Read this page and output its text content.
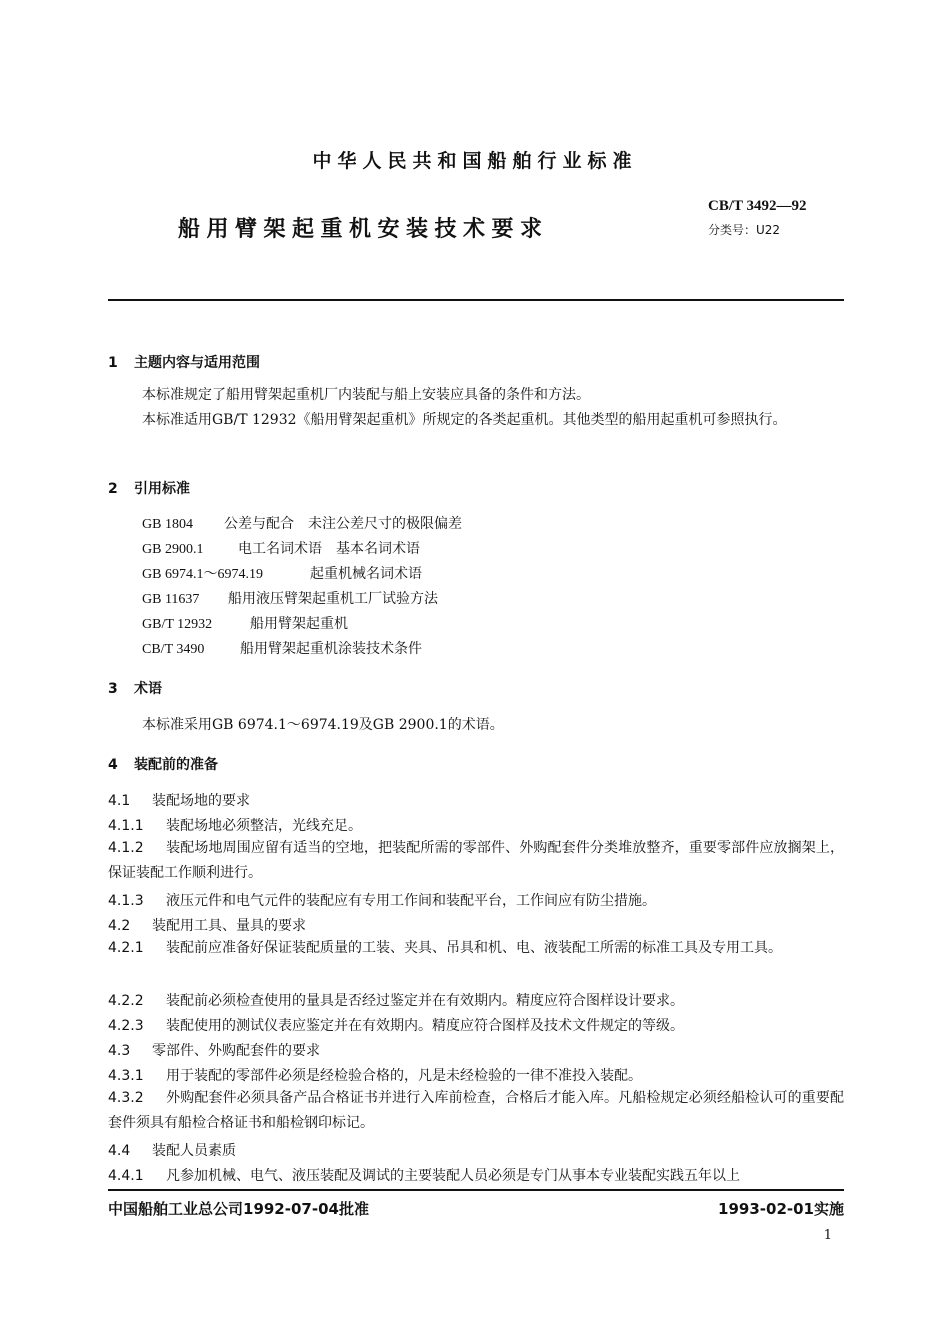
中华人民共和国船舶行业标准
船用臂架起重机安装技术要求
CB/T 3492—92
分类号：U22
1 主题内容与适用范围
本标准规定了船用臂架起重机厂内装配与船上安装应具备的条件和方法。
本标准适用GB/T 12932《船用臂架起重机》所规定的各类起重机。其他类型的船用起重机可参照执行。
2 引用标准
GB 1804 公差与配合　未注公差尺寸的极限偏差
GB 2900.1 电工名词术语　基本名词术语
GB 6974.1～6974.19	起重机械名词术语
GB 11637 船用液压臂架起重机工厂试验方法
GB/T 12932	船用臂架起重机
CB/T 3490	船用臂架起重机涂装技术条件
3 术语
本标准采用GB 6974.1～6974.19及GB 2900.1的术语。
4 装配前的准备
4.1 装配场地的要求
4.1.1 装配场地必须整洁，光线充足。
4.1.2 装配场地周围应留有适当的空地，把装配所需的零部件、外购配套件分类堆放整齐，重要零部件应放搁架上，保证装配工作顺利进行。
4.1.3 液压元件和电气元件的装配应有专用工作间和装配平台，工作间应有防尘措施。
4.2 装配用工具、量具的要求
4.2.1 装配前应准备好保证装配质量的工装、夹具、吊具和机、电、液装配工所需的标准工具及专用工具。
4.2.2 装配前必须检查使用的量具是否经过鉴定并在有效期内。精度应符合图样设计要求。
4.2.3 装配使用的测试仪表应鉴定并在有效期内。精度应符合图样及技术文件规定的等级。
4.3 零部件、外购配套件的要求
4.3.1 用于装配的零部件必须是经检验合格的，凡是未经检验的一律不准投入装配。
4.3.2 外购配套件必须具备产品合格证书并进行入库前检查，合格后才能入库。凡船检规定必须经船检认可的重要配套件须具有船检合格证书和船检钢印标记。
4.4 装配人员素质
4.4.1 凡参加机械、电气、液压装配及调试的主要装配人员必须是专门从事本专业装配实践五年以上
中国船舶工业总公司1992-07-04批准	1993-02-01实施
1
